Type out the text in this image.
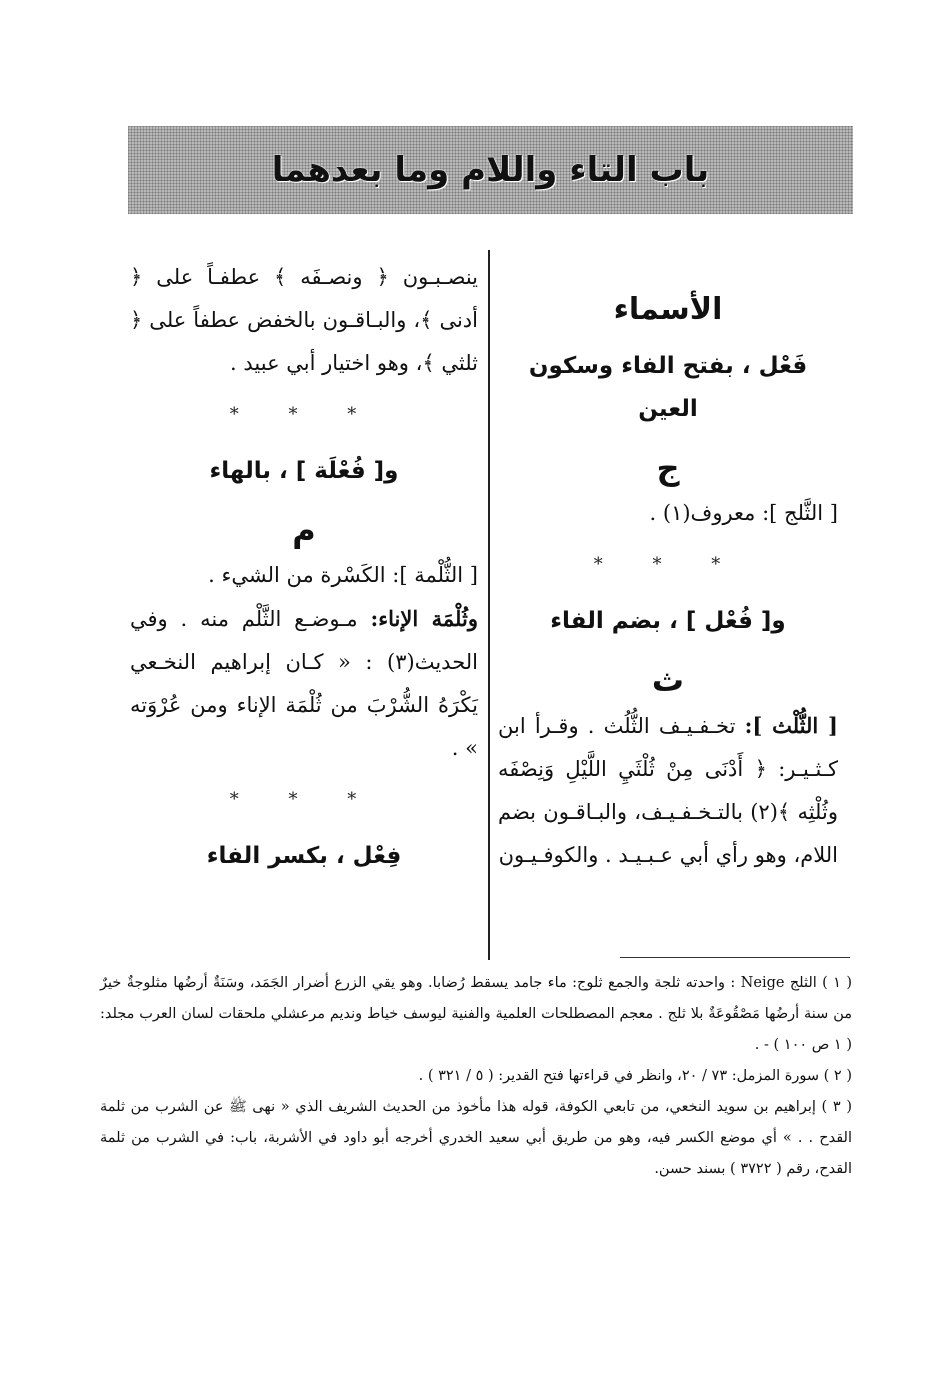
باب التاء واللام وما بعدهما
الأسماء
فَعْل ، بفتح الفاء وسكون العين
ج

[ الثَّلج ]: معروف(١) .

* * *
و[ فُعْل ] ، بضم الفاء
ث

[ الثُّلْث ]: تخـفـيـف الثُّلُث . وقـرأ ابن كـثـيـر: ﴿ أَدْنَى مِنْ ثُلْثَيِ اللَّيْلِ وَنِصْفَه وثُلْثِه ﴾(٢) بالتـخـفـيـف، والبـاقـون بضم اللام، وهو رأي أبي عـبـيـد . والكوفـيـون

ينصـبـون ﴿ ونصـفَه ﴾ عطفـاً على ﴿ أدنى ﴾، والبـاقـون بالخفض عطفاً على ﴿ ثلثي ﴾، وهو اختيار أبي عبيد .

* * *
و[ فُعْلَة ] ، بالهاء
م

[ الثُّلْمة ]: الكَسْرة من الشيء .

وثُلْمَة الإناء: مـوضـع الثَّلْم منه . وفي الحديث(٣) : « كـان إبراهيم النخـعي يَكْرَهُ الشُّرْبَ من ثُلْمَة الإناء ومن عُرْوَته » .

* * *
فِعْل ، بكسر الفاء

( ١ ) الثلج Neige : واحدته ثلجة والجمع ثلوج: ماء جامد يسقط رُضابا. وهو يقي الزرع أضرار الجَمَد، وسَنَةٌ أرضُها مثلوجةٌ خيرٌ من سنة أرضُها مَصْقُوعَةٌ بلا ثلج . معجم المصطلحات العلمية والفنية ليوسف خياط ونديم مرعشلي ملحقات لسان العرب مجلد: ( ١ ص ١٠٠ ) - .

( ٢ ) سورة المزمل: ٧٣ / ٢٠، وانظر في قراءتها فتح القدير: ( ٥ / ٣٢١ ) .

( ٣ ) إبراهيم بن سويد النخعي، من تابعي الكوفة، قوله هذا مأخوذ من الحديث الشريف الذي « نهى ﷺ عن الشرب من ثلمة القدح . . » أي موضع الكسر فيه، وهو من طريق أبي سعيد الخدري أخرجه أبو داود في الأشربة، باب: في الشرب من ثلمة القدح، رقم ( ٣٧٢٢ ) بسند حسن.
